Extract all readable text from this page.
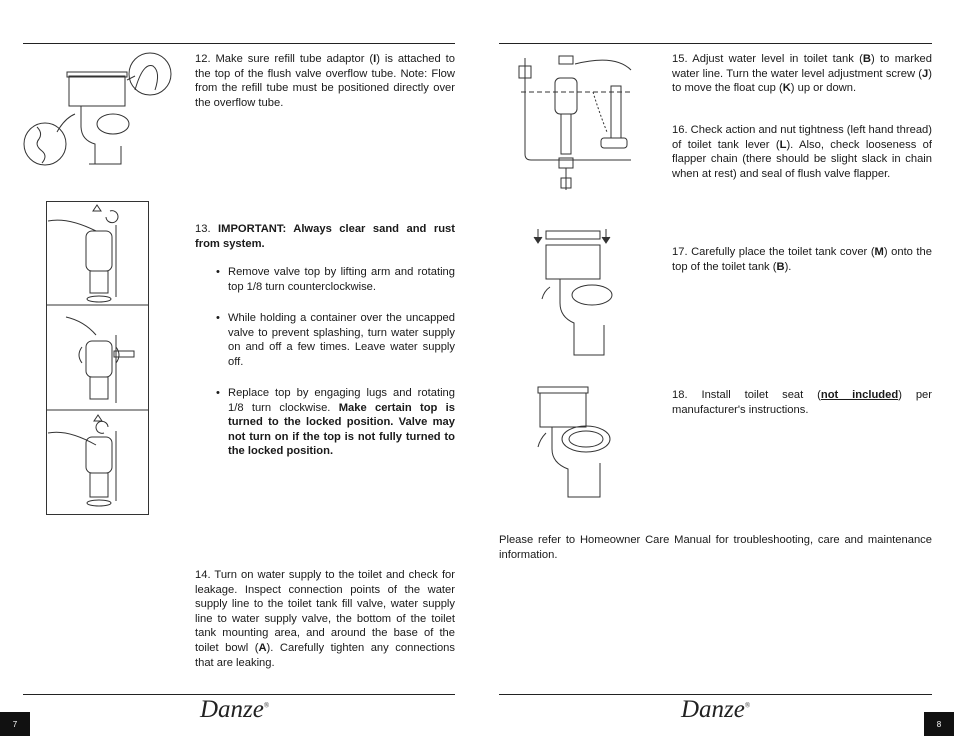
12. Make sure refill tube adaptor (I) is attached to the top of the flush valve overflow tube. Note: Flow from the refill tube must be positioned directly over the overflow tube.
13. IMPORTANT: Always clear sand and rust from system.
• Remove valve top by lifting arm and rotating top 1/8 turn counterclockwise.
• While holding a container over the uncapped valve to prevent splashing, turn water supply on and off a few times. Leave water supply off.
• Replace top by engaging lugs and rotating 1/8 turn clockwise. Make certain top is turned to the locked position. Valve may not turn on if the top is not fully turned to the locked position.
14. Turn on water supply to the toilet and check for leakage. Inspect connection points of the water supply line to the toilet tank fill valve, water supply line to water supply valve, the bottom of the toilet tank mounting area, and around the base of the toilet bowl (A). Carefully tighten any connections that are leaking.
7
Danze®
15. Adjust water level in toilet tank (B) to marked water line. Turn the water level adjustment screw (J) to move the float cup (K) up or down.
16. Check action and nut tightness (left hand thread) of toilet tank lever (L). Also, check looseness of flapper chain (there should be slight slack in chain when at rest) and seal of flush valve flapper.
17. Carefully place the toilet tank cover (M) onto the top of the toilet tank (B).
18. Install toilet seat (not included) per manufacturer's instructions.
Please refer to Homeowner Care Manual for troubleshooting, care and maintenance information.
8
Danze®
